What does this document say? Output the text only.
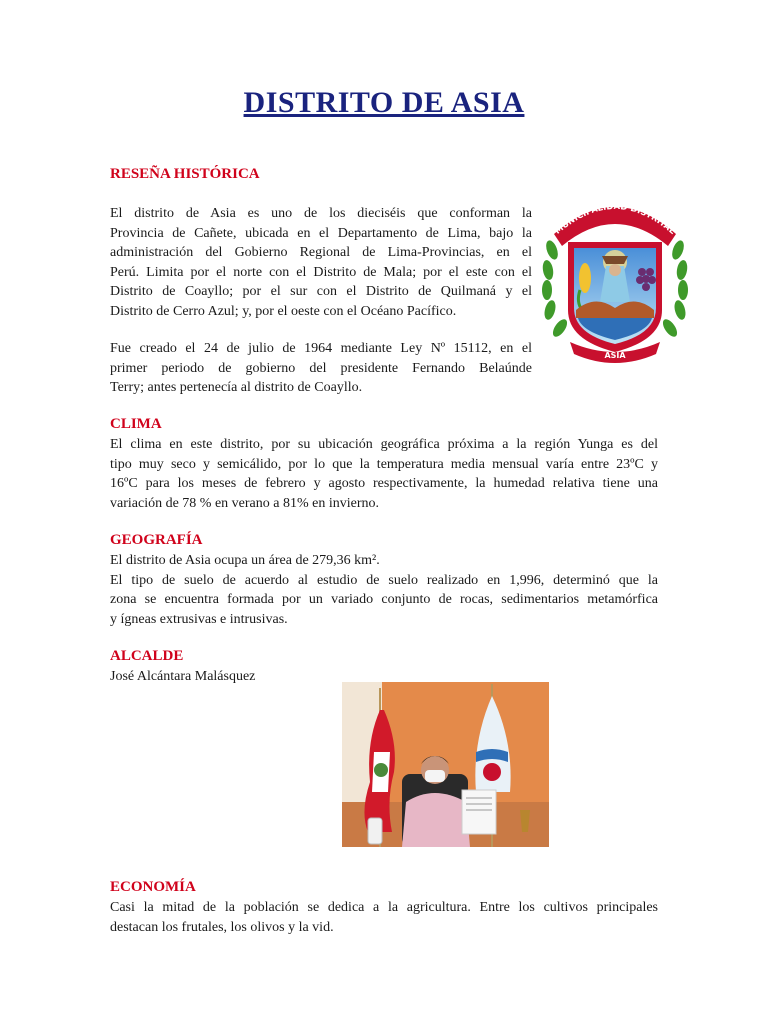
DISTRITO DE ASIA
RESEÑA HISTÓRICA
El distrito de Asia es uno de los dieciséis que conforman la
Provincia de Cañete, ubicada en el Departamento de Lima, bajo la
administración del Gobierno Regional de Lima-Provincias, en el
Perú. Limita por el norte con el Distrito de Mala; por el este con el
Distrito de Coayllo; por el sur con el Distrito de Quilmaná y el
Distrito de Cerro Azul; y, por el oeste con el Océano Pacífico.
Fue creado el 24 de julio de 1964 mediante Ley Nº 15112, en el
primer periodo de gobierno del presidente Fernando Belaúnde
Terry; antes pertenecía al distrito de Coayllo.
MUNICIPALIDAD DISTRITAL
ASIA
CLIMA
El clima en este distrito, por su ubicación geográfica próxima a la región Yunga es del
tipo muy seco y semicálido, por lo que la temperatura media mensual varía entre 23ºC y
16ºC para los meses de febrero y agosto respectivamente, la humedad relativa tiene una
variación de 78 % en verano a 81% en invierno.
GEOGRAFÍA
El distrito de Asia ocupa un área de 279,36 km².
El tipo de suelo de acuerdo al estudio de suelo realizado en 1,996, determinó que la
zona se encuentra formada por un variado conjunto de rocas, sedimentarios metamórfica
y ígneas extrusivas e intrusivas.
ALCALDE
José Alcántara Malásquez
ECONOMÍA
Casi la mitad de la población se dedica a la agricultura. Entre los cultivos principales
destacan los frutales, los olivos y la vid.
